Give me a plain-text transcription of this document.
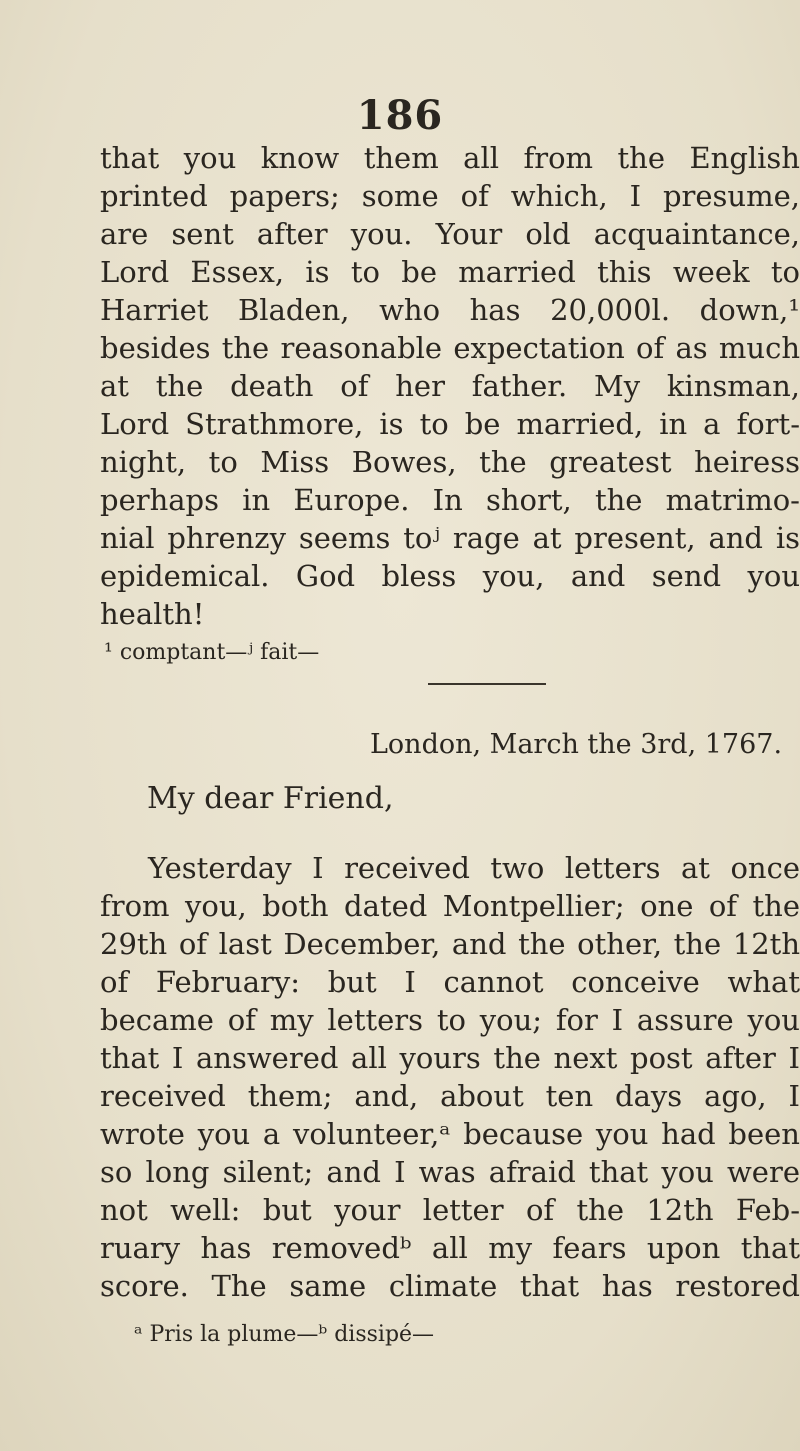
186
that you know them all from the English
printed papers; some of which, I presume,
are sent after you. Your old acquaintance,
Lord Essex, is to be married this week to
Harriet Bladen, who has 20,000l. down,¹
besides the reasonable expectation of as much
at the death of her father. My kinsman,
Lord Strathmore, is to be married, in a fort-
night, to Miss Bowes, the greatest heiress
perhaps in Europe. In short, the matrimo-
nial phrenzy seems toʲ rage at present, and is
epidemical. God bless you, and send you
health!
¹ comptant—ʲ fait—
London, March the 3rd, 1767.
My dear Friend,
Yesterday I received two letters at once
from you, both dated Montpellier; one of the
29th of last December, and the other, the 12th
of February: but I cannot conceive what
became of my letters to you; for I assure you
that I answered all yours the next post after I
received them; and, about ten days ago, I
wrote you a volunteer,ᵃ because you had been
so long silent; and I was afraid that you were
not well: but your letter of the 12th Feb-
ruary has removedᵇ all my fears upon that
score. The same climate that has restored
ᵃ Pris la plume—ᵇ dissipé—
